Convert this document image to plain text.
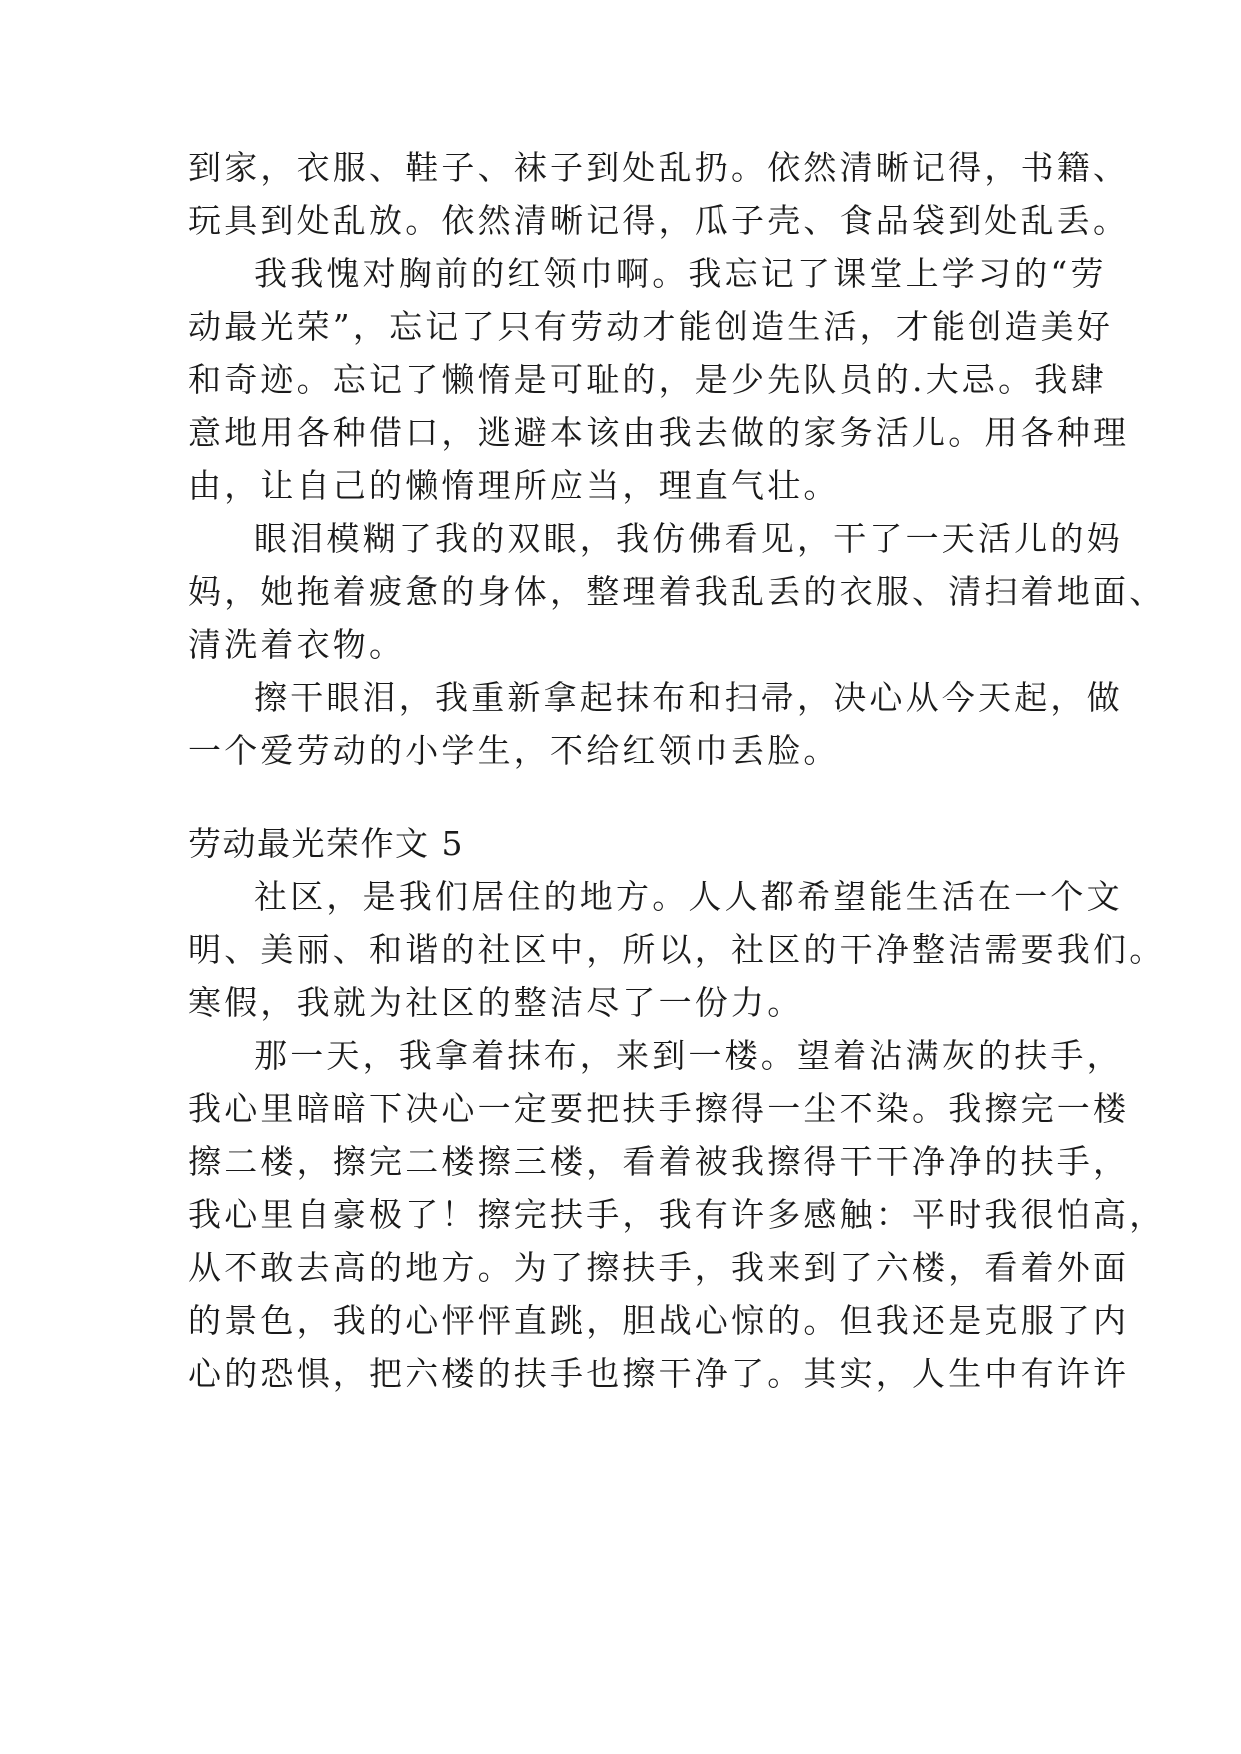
到家，衣服、鞋子、袜子到处乱扔。依然清晰记得，书籍、
玩具到处乱放。依然清晰记得，瓜子壳、食品袋到处乱丢。
我我愧对胸前的红领巾啊。我忘记了课堂上学习的“劳
动最光荣”，忘记了只有劳动才能创造生活，才能创造美好
和奇迹。忘记了懒惰是可耻的，是少先队员的.大忌。我肆
意地用各种借口，逃避本该由我去做的家务活儿。用各种理
由，让自己的懒惰理所应当，理直气壮。
眼泪模糊了我的双眼，我仿佛看见，干了一天活儿的妈
妈，她拖着疲惫的身体，整理着我乱丢的衣服、清扫着地面、
清洗着衣物。
擦干眼泪，我重新拿起抹布和扫帚，决心从今天起，做
一个爱劳动的小学生，不给红领巾丢脸。
劳动最光荣作文 5
社区，是我们居住的地方。人人都希望能生活在一个文
明、美丽、和谐的社区中，所以，社区的干净整洁需要我们。
寒假，我就为社区的整洁尽了一份力。
那一天，我拿着抹布，来到一楼。望着沾满灰的扶手，
我心里暗暗下决心一定要把扶手擦得一尘不染。我擦完一楼
擦二楼，擦完二楼擦三楼，看着被我擦得干干净净的扶手，
我心里自豪极了！擦完扶手，我有许多感触：平时我很怕高，
从不敢去高的地方。为了擦扶手，我来到了六楼，看着外面
的景色，我的心怦怦直跳，胆战心惊的。但我还是克服了内
心的恐惧，把六楼的扶手也擦干净了。其实，人生中有许许
